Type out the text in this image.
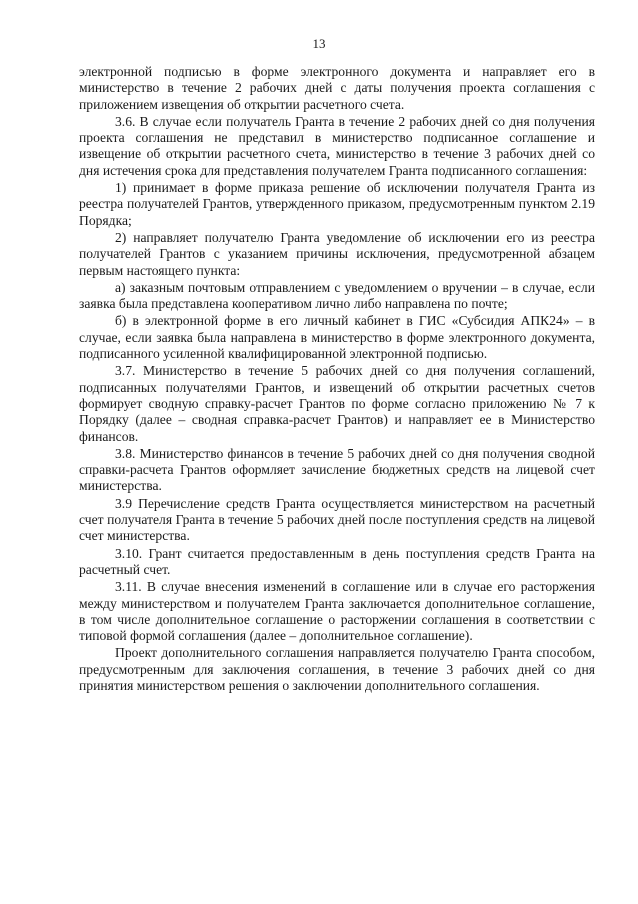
13

электронной подписью в форме электронного документа и направляет его в министерство в течение 2 рабочих дней с даты получения проекта соглашения с приложением извещения об открытии расчетного счета.

3.6. В случае если получатель Гранта в течение 2 рабочих дней со дня получения проекта соглашения не представил в министерство подписанное соглашение и извещение об открытии расчетного счета, министерство в течение 3 рабочих дней со дня истечения срока для представления получателем Гранта подписанного соглашения:

1) принимает в форме приказа решение об исключении получателя Гранта из реестра получателей Грантов, утвержденного приказом, предусмотренным пунктом 2.19 Порядка;

2) направляет получателю Гранта уведомление об исключении его из реестра получателей Грантов с указанием причины исключения, предусмотренной абзацем первым настоящего пункта:

а) заказным почтовым отправлением с уведомлением о вручении – в случае, если заявка была представлена кооперативом лично либо направлена по почте;

б) в электронной форме в его личный кабинет в ГИС «Субсидия АПК24» – в случае, если заявка была направлена в министерство в форме электронного документа, подписанного усиленной квалифицированной электронной подписью.

3.7. Министерство в течение 5 рабочих дней со дня получения соглашений, подписанных получателями Грантов, и извещений об открытии расчетных счетов формирует сводную справку-расчет Грантов по форме согласно приложению № 7 к Порядку (далее – сводная справка-расчет Грантов) и направляет ее в Министерство финансов.

3.8. Министерство финансов в течение 5 рабочих дней со дня получения сводной справки-расчета Грантов оформляет зачисление бюджетных средств на лицевой счет министерства.

3.9 Перечисление средств Гранта осуществляется министерством на расчетный счет получателя Гранта в течение 5 рабочих дней после поступления средств на лицевой счет министерства.

3.10. Грант считается предоставленным в день поступления средств Гранта на расчетный счет.

3.11. В случае внесения изменений в соглашение или в случае его расторжения между министерством и получателем Гранта заключается дополнительное соглашение, в том числе дополнительное соглашение о расторжении соглашения в соответствии с типовой формой соглашения (далее – дополнительное соглашение).

Проект дополнительного соглашения направляется получателю Гранта способом, предусмотренным для заключения соглашения, в течение 3 рабочих дней со дня принятия министерством решения о заключении дополнительного соглашения.
